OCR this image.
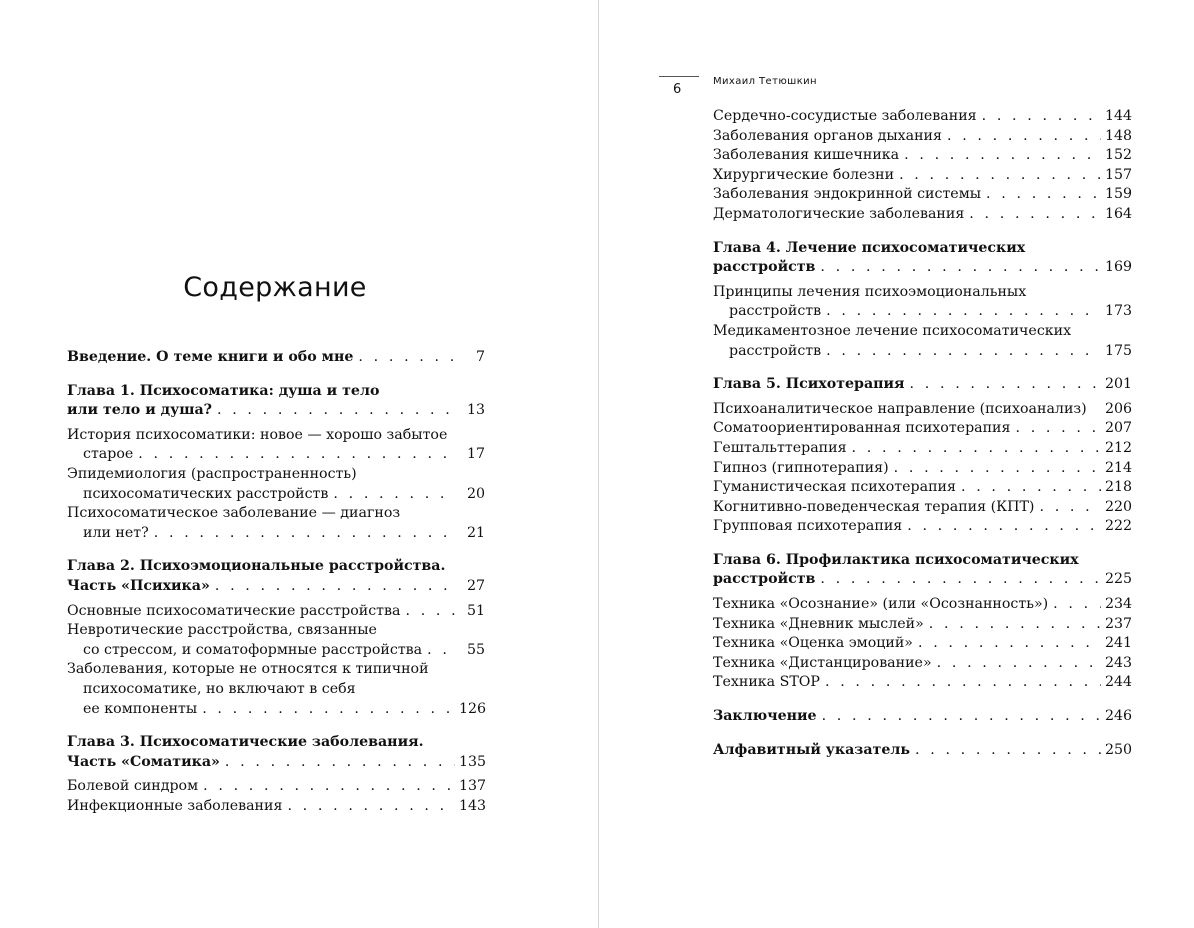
Содержание
Введение. О теме книги и обо мне . . .	7
Глава 1. Психосоматика: душа и тело
или тело и душа? . . .	13
История психосоматики: новое — хорошо забытое
старое . . .	17
Эпидемиология (распространенность)
психосоматических расстройств . . .	20
Психосоматическое заболевание — диагноз
или нет? . . .	21
Глава 2. Психоэмоциональные расстройства.
Часть «Психика» . . .	27
Основные психосоматические расстройства . . .	51
Невротические расстройства, связанные
со стрессом, и соматоформные расстройства . . .	55
Заболевания, которые не относятся к типичной
психосоматике, но включают в себя
ее компоненты . . .	126
Глава 3. Психосоматические заболевания.
Часть «Соматика» . . .	135
Болевой синдром . . .	137
Инфекционные заболевания . . .	143
6
Михаил Тетюшкин
Сердечно-сосудистые заболевания . . .	144
Заболевания органов дыхания . . .	148
Заболевания кишечника . . .	152
Хирургические болезни . . .	157
Заболевания эндокринной системы . . .	159
Дерматологические заболевания . . .	164
Глава 4. Лечение психосоматических
расстройств . . .	169
Принципы лечения психоэмоциональных
расстройств . . .	173
Медикаментозное лечение психосоматических
расстройств . . .	175
Глава 5. Психотерапия . . .	201
Психоаналитическое направление (психоанализ) 206
Соматоориентированная психотерапия . . .	207
Гештальттерапия . . .	212
Гипноз (гипнотерапия) . . .	214
Гуманистическая психотерапия . . .	218
Когнитивно-поведенческая терапия (КПТ) . . .	220
Групповая психотерапия . . .	222
Глава 6. Профилактика психосоматических
расстройств . . .	225
Техника «Осознание» (или «Осознанность») . . .	234
Техника «Дневник мыслей» . . .	237
Техника «Оценка эмоций» . . .	241
Техника «Дистанцирование» . . .	243
Техника STOP . . .	244
Заключение . . .	246
Алфавитный указатель . . .	250
